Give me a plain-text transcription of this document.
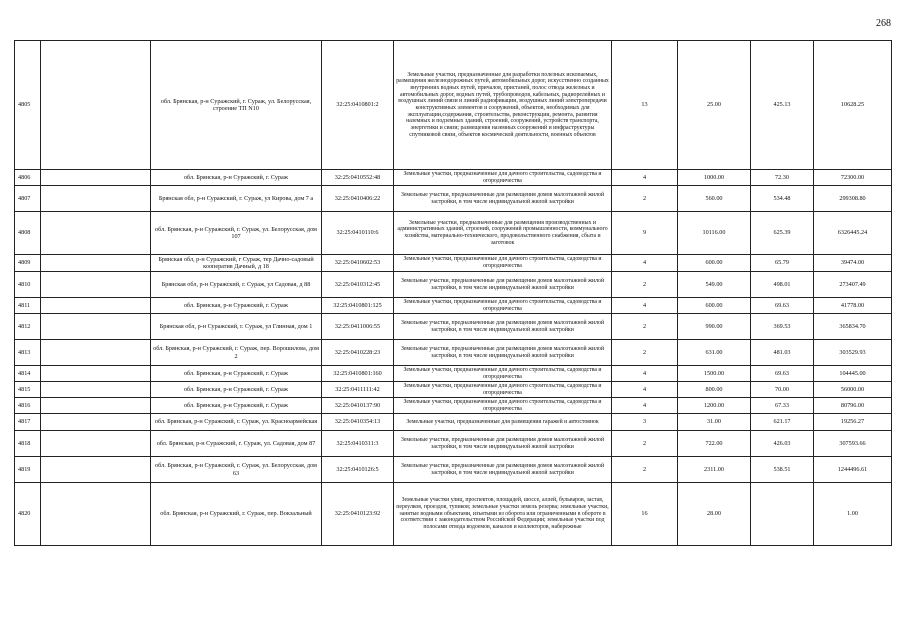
268
4805		обл. Брянская, р-н Суражский, г. Сураж, ул. Белорусская, строение ТП N10	32:25:0410801:2	Земельные участки, предназначенные для разработки полезных ископаемых, размещения железнодорожных путей, автомобильных дорог, искусственно созданных внутренних водных путей, причалов, пристаней, полос отвода железных и автомобильных дорог, водных путей, трубопроводов, кабельных, радиорелейных и воздушных линий связи и линий радиофикации, воздушных линий электропередачи конструктивных элементов и сооружений, объектов, необходимых для эксплуатации,содержания, строительства, реконструкции, ремонта, развития наземных и подземных зданий, строений, сооружений, устройств транспорта, энергетики и связи; размещения наземных сооружений и инфраструктуры спутниковой связи, объектов космической деятельности, военных объектов	13	25.00	425.13	10628.25
4806		обл. Брянская, р-н Суражский, г. Сураж	32:25:0410552:48	Земельные участки, предназначенные для дачного строительства, садоводства и огородничества	4	1000.00	72.30	72300.00
4807		Брянская обл, р-н Суражский, г. Сураж, ул Кирова, дом 7 а	32:25:0410406:22	Земельные участки, предназначенные для размещения домов малоэтажной жилой застройки, в том числе индивидуальной жилой застройки	2	560.00	534.48	299308.80
4808		обл. Брянская, р-н Суражский, г. Сураж, ул. Белорусская, дом 107	32:25:0410110:6	Земельные участки, предназначенные для размещения производственных и административных зданий, строений, сооружений промышленности, коммунального хозяйства, материально-технического, продовольственного снабжения, сбыта и заготовок	9	10116.00	625.39	6326445.24
4809		Брянская обл, р-н Суражский, г Сураж, тер Дачно-садовый кооператив Дачный, д 18	32:25:0410602:53	Земельные участки, предназначенные для дачного строительства, садоводства и огородничества	4	600.00	65.79	39474.00
4810		Брянская обл, р-н Суражский, г. Сураж, ул Садовая, д 88	32:25:0410312:45	Земельные участки, предназначенные для размещения домов малоэтажной жилой застройки, в том числе индивидуальной жилой застройки	2	549.00	498.01	273407.49
4811		обл. Брянская, р-н Суражский, г. Сураж	32:25:0410801:125	Земельные участки, предназначенные для дачного строительства, садоводства и огородничества	4	600.00	69.63	41778.00
4812		Брянская обл, р-н Суражский, г. Сураж, ул Глинная, дом 1	32:25:0411006:55	Земельные участки, предназначенные для размещения домов малоэтажной жилой застройки, в том числе индивидуальной жилой застройки	2	990.00	369.53	365834.70
4813		обл. Брянская, р-н Суражский, г. Сураж, пер. Ворошилова, дом 2	32:25:0410228:23	Земельные участки, предназначенные для размещения домов малоэтажной жилой застройки, в том числе индивидуальной жилой застройки	2	631.00	481.03	303529.93
4814		обл. Брянская, р-н Суражский, г. Сураж	32:25:0410801:160	Земельные участки, предназначенные для дачного строительства, садоводства и огородничества	4	1500.00	69.63	104445.00
4815		обл. Брянская, р-н Суражский, г. Сураж	32:25:0411111:42	Земельные участки, предназначенные для дачного строительства, садоводства и огородничества	4	800.00	70.00	56000.00
4816		обл. Брянская, р-н Суражский, г. Сураж	32:25:0410137:90	Земельные участки, предназначенные для дачного строительства, садоводства и огородничества	4	1200.00	67.33	80796.00
4817		обл. Брянская, р-н Суражский, г. Сураж, ул. Красноармейская	32:25:0410354:13	Земельные участки, предназначенные для размещения гаражей и автостоянок	3	31.00	621.17	19256.27
4818		обл. Брянская, р-н Суражский, г. Сураж, ул. Садовая, дом 87	32:25:0410311:3	Земельные участки, предназначенные для размещения домов малоэтажной жилой застройки, в том числе индивидуальной жилой застройки	2	722.00	426.03	307593.66
4819		обл. Брянская, р-н Суражский, г. Сураж, ул. Белорусская, дом 63	32:25:0410126:5	Земельные участки, предназначенные для размещения домов малоэтажной жилой застройки, в том числе индивидуальной жилой застройки	2	2311.00	538.51	1244496.61
4820		обл. Брянская, р-н Суражский, г. Сураж, пер. Вокзальный	32:25:0410123:92	Земельные участки улиц, проспектов, площадей, шоссе, аллей, бульваров, застав, переулков, проездов, тупиков; земельные участки земель резерва; земельные участки, занятые водными объектами, изъятыми из оборота или ограниченными в обороте в соответствии с законодательством Российской Федерации; земельные участки под полосами отвода водоемов, каналов и коллекторов, набережные	16	28.00		1.00
